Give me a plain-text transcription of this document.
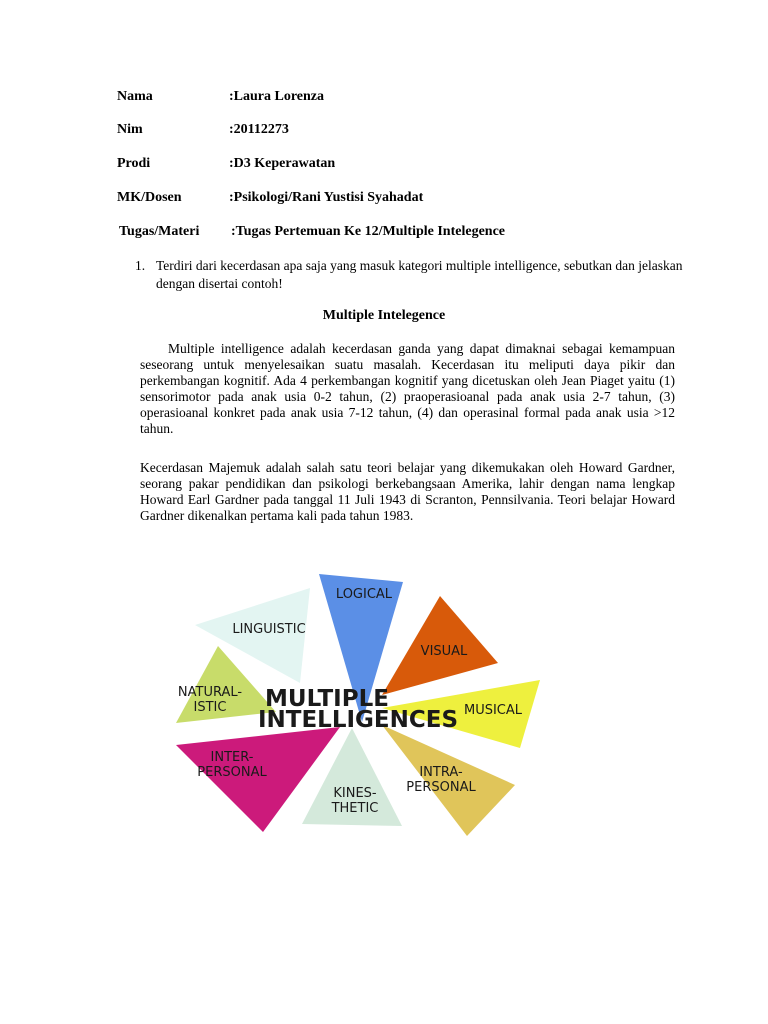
Nama	:Laura Lorenza
Nim	:20112273
Prodi	:D3 Keperawatan
MK/Dosen	:Psikologi/Rani Yustisi Syahadat
Tugas/Materi :Tugas Pertemuan Ke 12/Multiple Intelegence
1. Terdiri dari kecerdasan apa saja yang masuk kategori multiple intelligence, sebutkan dan jelaskan dengan disertai contoh!
Multiple Intelegence
Multiple intelligence adalah kecerdasan ganda yang dapat dimaknai sebagai kemampuan seseorang untuk menyelesaikan suatu masalah. Kecerdasan itu meliputi daya pikir dan perkembangan kognitif. Ada 4 perkembangan kognitif yang dicetuskan oleh Jean Piaget yaitu (1) sensorimotor pada anak usia 0-2 tahun, (2) praoperasioanal pada anak usia 2-7 tahun, (3) operasioanal konkret pada anak usia 7-12 tahun, (4) dan operasinal formal pada anak usia >12 tahun.
Kecerdasan Majemuk adalah salah satu teori belajar yang dikemukakan oleh Howard Gardner, seorang pakar pendidikan dan psikologi berkebangsaan Amerika, lahir dengan nama lengkap Howard Earl Gardner pada tanggal 11 Juli 1943 di Scranton, Pennsilvania. Teori belajar Howard Gardner dikenalkan pertama kali pada tahun 1983.
LOGICAL
VISUAL
MUSICAL
INTRA-PERSONAL
KINES-THETIC
INTER-PERSONAL
NATURAL-ISTIC
LINGUISTIC
MULTIPLE
INTELLIGENCES
